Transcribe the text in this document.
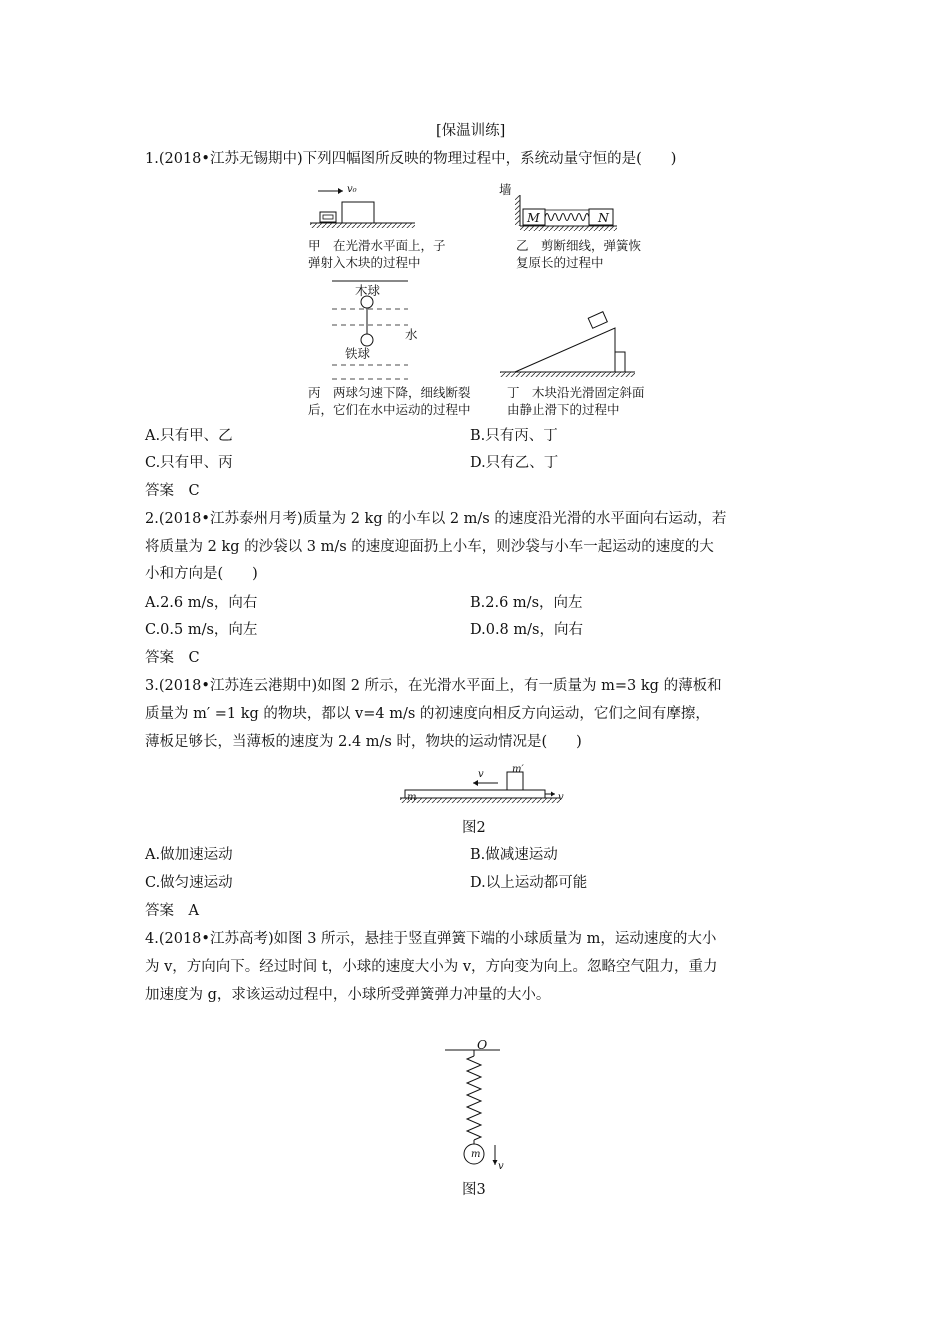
[保温训练]
1.(2018•江苏无锡期中)下列四幅图所反映的物理过程中，系统动量守恒的是(　　)
v₀
甲　在光滑水平面上，子
弹射入木块的过程中
墙
M	N
乙　剪断细线，弹簧恢
复原长的过程中
木球
水
铁球
丙　两球匀速下降，细线断裂
后，它们在水中运动的过程中
丁　木块沿光滑固定斜面
由静止滑下的过程中
A.只有甲、乙	B.只有丙、丁
C.只有甲、丙	D.只有乙、丁
答案　C
2.(2018•江苏泰州月考)质量为 2 kg 的小车以 2 m/s 的速度沿光滑的水平面向右运动，若
将质量为 2 kg 的沙袋以 3 m/s 的速度迎面扔上小车，则沙袋与小车一起运动的速度的大
小和方向是(　　)
A.2.6 m/s，向右	B.2.6 m/s，向左
C.0.5 m/s，向左	D.0.8 m/s，向右
答案　C
3.(2018•江苏连云港期中)如图 2 所示，在光滑水平面上，有一质量为 m=3 kg 的薄板和
质量为 m′ =1 kg 的物块，都以 v=4 m/s 的初速度向相反方向运动，它们之间有摩擦，
薄板足够长，当薄板的速度为 2.4 m/s 时，物块的运动情况是(　　)
m′
m
v
v
图2
A.做加速运动	B.做减速运动
C.做匀速运动	D.以上运动都可能
答案　A
4.(2018•江苏高考)如图 3 所示，悬挂于竖直弹簧下端的小球质量为 m，运动速度的大小
为 v，方向向下。经过时间 t，小球的速度大小为 v，方向变为向上。忽略空气阻力，重力
加速度为 g，求该运动过程中，小球所受弹簧弹力冲量的大小。
O
m
v
图3
